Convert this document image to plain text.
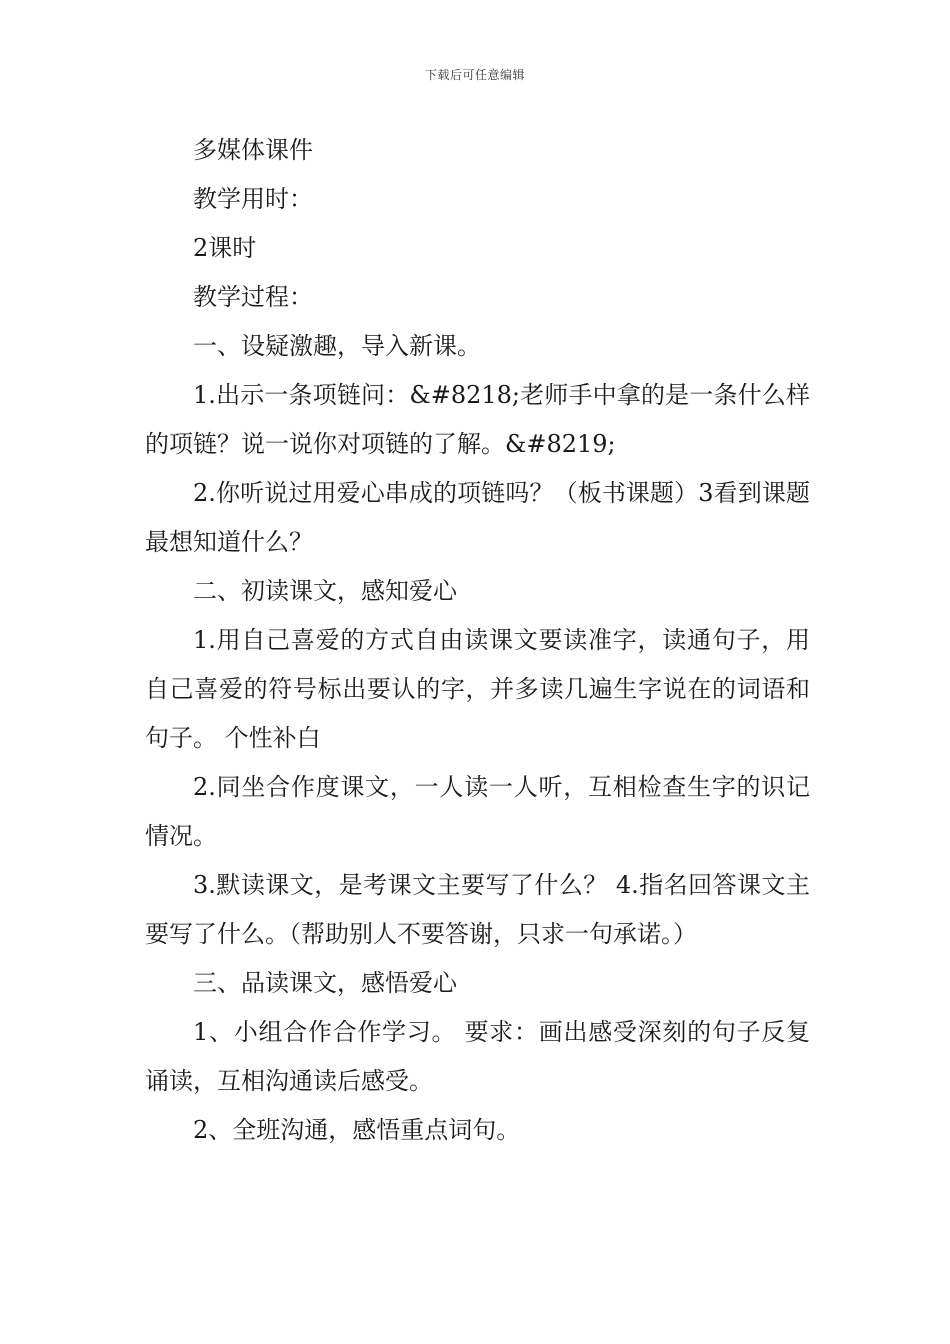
下载后可任意编辑

多媒体课件

教学用时：

2课时

教学过程：

一、设疑激趣，导入新课。

1.出示一条项链问：&#8218;老师手中拿的是一条什么样的项链？说一说你对项链的了解。&#8219;

2.你听说过用爱心串成的项链吗？（板书课题）3看到课题最想知道什么？

二、初读课文，感知爱心

1.用自己喜爱的方式自由读课文要读准字，读通句子，用自己喜爱的符号标出要认的字，并多读几遍生字说在的词语和句子。 个性补白

2.同坐合作度课文，一人读一人听，互相检查生字的识记情况。

3.默读课文，是考课文主要写了什么？ 4.指名回答课文主要写了什么。（帮助别人不要答谢，只求一句承诺。）

三、品读课文，感悟爱心

1、小组合作合作学习。 要求：画出感受深刻的句子反复诵读，互相沟通读后感受。

2、全班沟通，感悟重点词句。
